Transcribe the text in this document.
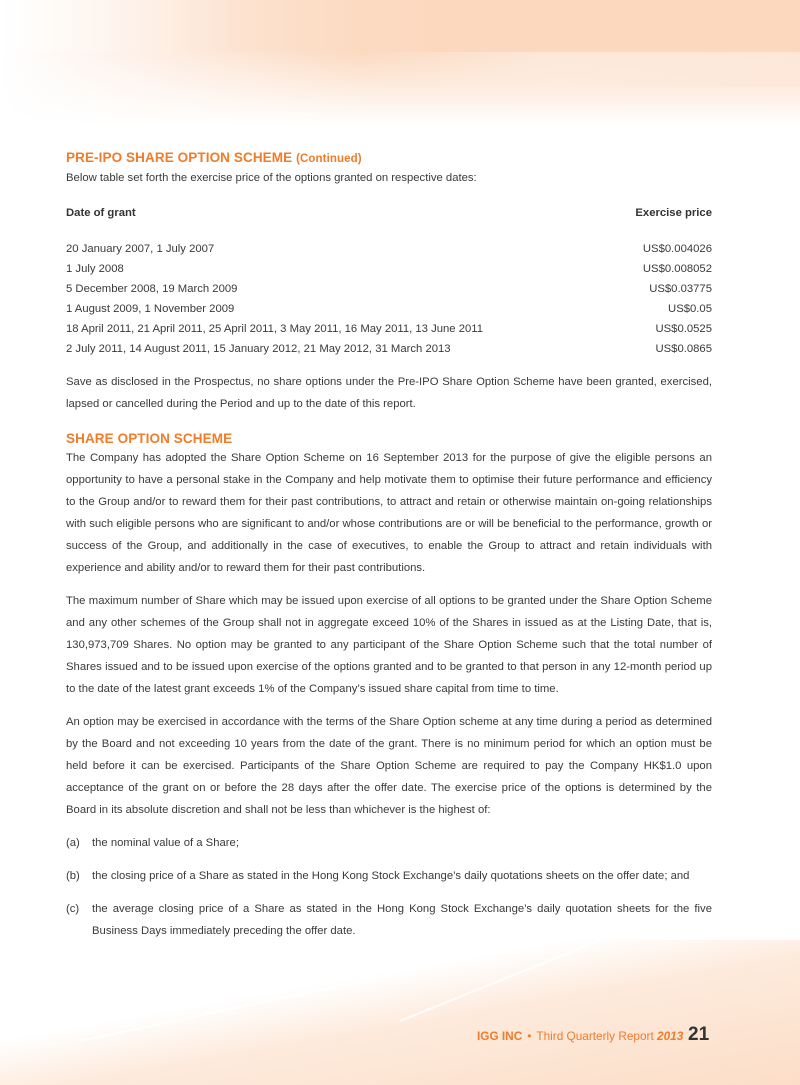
PRE-IPO SHARE OPTION SCHEME (Continued)

Below table set forth the exercise price of the options granted on respective dates:

Date of grant	Exercise price
20 January 2007, 1 July 2007	US$0.004026
1 July 2008	US$0.008052
5 December 2008, 19 March 2009	US$0.03775
1 August 2009, 1 November 2009	US$0.05
18 April 2011, 21 April 2011, 25 April 2011, 3 May 2011, 16 May 2011, 13 June 2011	US$0.0525
2 July 2011, 14 August 2011, 15 January 2012, 21 May 2012, 31 March 2013	US$0.0865

Save as disclosed in the Prospectus, no share options under the Pre-IPO Share Option Scheme have been granted, exercised, lapsed or cancelled during the Period and up to the date of this report.

SHARE OPTION SCHEME

The Company has adopted the Share Option Scheme on 16 September 2013 for the purpose of give the eligible persons an opportunity to have a personal stake in the Company and help motivate them to optimise their future performance and efficiency to the Group and/or to reward them for their past contributions, to attract and retain or otherwise maintain on-going relationships with such eligible persons who are significant to and/or whose contributions are or will be beneficial to the performance, growth or success of the Group, and additionally in the case of executives, to enable the Group to attract and retain individuals with experience and ability and/or to reward them for their past contributions.

The maximum number of Share which may be issued upon exercise of all options to be granted under the Share Option Scheme and any other schemes of the Group shall not in aggregate exceed 10% of the Shares in issued as at the Listing Date, that is, 130,973,709 Shares. No option may be granted to any participant of the Share Option Scheme such that the total number of Shares issued and to be issued upon exercise of the options granted and to be granted to that person in any 12-month period up to the date of the latest grant exceeds 1% of the Company’s issued share capital from time to time.

An option may be exercised in accordance with the terms of the Share Option scheme at any time during a period as determined by the Board and not exceeding 10 years from the date of the grant. There is no minimum period for which an option must be held before it can be exercised. Participants of the Share Option Scheme are required to pay the Company HK$1.0 upon acceptance of the grant on or before the 28 days after the offer date. The exercise price of the options is determined by the Board in its absolute discretion and shall not be less than whichever is the highest of:

(a)	the nominal value of a Share;
(b)	the closing price of a Share as stated in the Hong Kong Stock Exchange’s daily quotations sheets on the offer date; and
(c)	the average closing price of a Share as stated in the Hong Kong Stock Exchange’s daily quotation sheets for the five Business Days immediately preceding the offer date.
IGG INC • Third Quarterly Report 2013 21
